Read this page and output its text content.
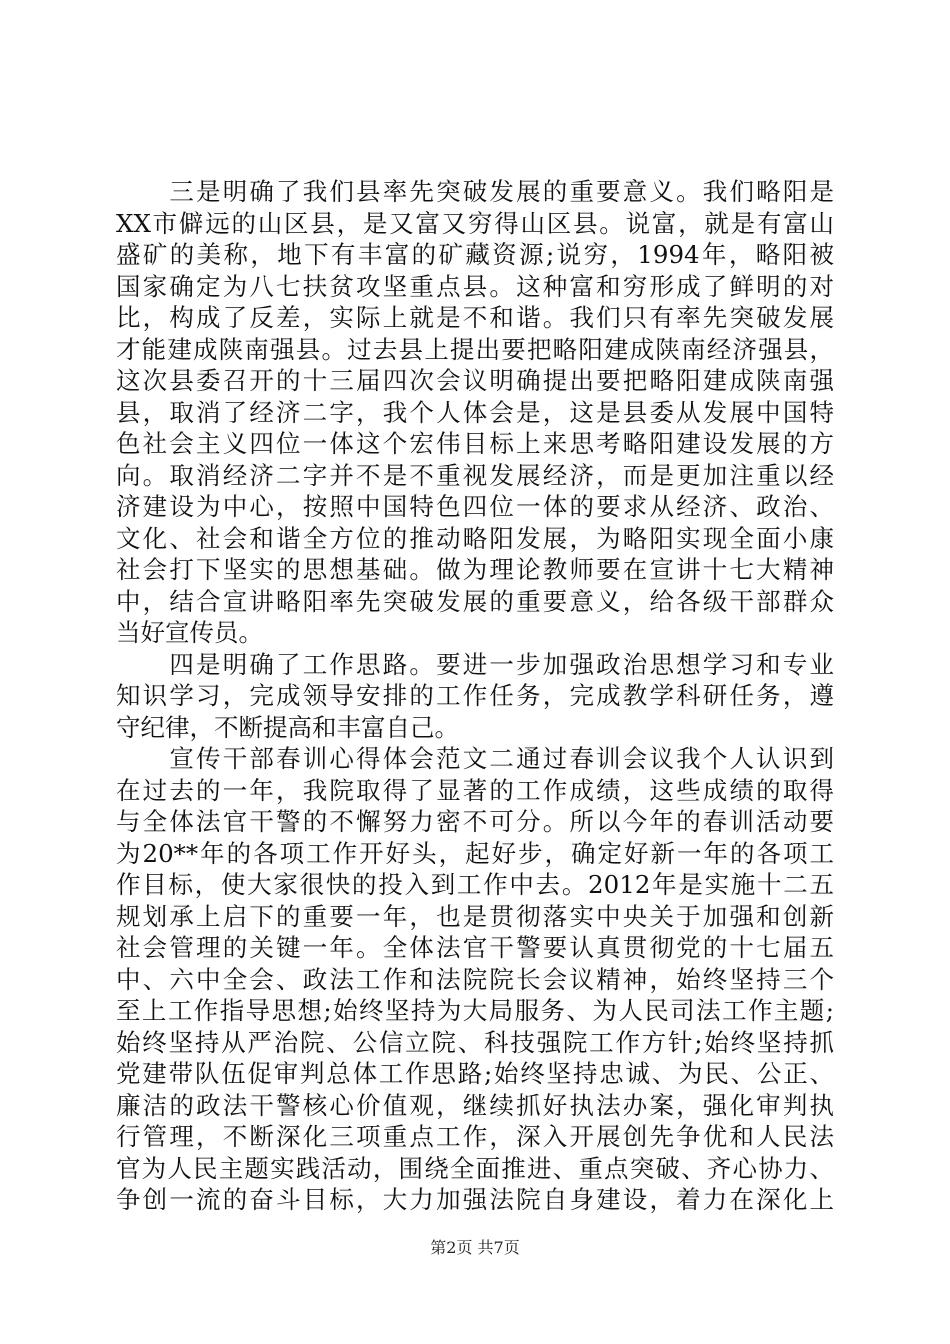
　　三是明确了我们县率先突破发展的重要意义。我们略阳是
XX市僻远的山区县，是又富又穷得山区县。说富，就是有富山
盛矿的美称，地下有丰富的矿藏资源;说穷，1994年，略阳被
国家确定为八七扶贫攻坚重点县。这种富和穷形成了鲜明的对
比，构成了反差，实际上就是不和谐。我们只有率先突破发展
才能建成陕南强县。过去县上提出要把略阳建成陕南经济强县，
这次县委召开的十三届四次会议明确提出要把略阳建成陕南强
县，取消了经济二字，我个人体会是，这是县委从发展中国特
色社会主义四位一体这个宏伟目标上来思考略阳建设发展的方
向。取消经济二字并不是不重视发展经济，而是更加注重以经
济建设为中心，按照中国特色四位一体的要求从经济、政治、
文化、社会和谐全方位的推动略阳发展，为略阳实现全面小康
社会打下坚实的思想基础。做为理论教师要在宣讲十七大精神
中，结合宣讲略阳率先突破发展的重要意义，给各级干部群众
当好宣传员。
　　四是明确了工作思路。要进一步加强政治思想学习和专业
知识学习，完成领导安排的工作任务，完成教学科研任务，遵
守纪律，不断提高和丰富自己。
　　宣传干部春训心得体会范文二通过春训会议我个人认识到
在过去的一年，我院取得了显著的工作成绩，这些成绩的取得
与全体法官干警的不懈努力密不可分。所以今年的春训活动要
为20**年的各项工作开好头，起好步，确定好新一年的各项工
作目标，使大家很快的投入到工作中去。2012年是实施十二五
规划承上启下的重要一年，也是贯彻落实中央关于加强和创新
社会管理的关键一年。全体法官干警要认真贯彻党的十七届五
中、六中全会、政法工作和法院院长会议精神，始终坚持三个
至上工作指导思想;始终坚持为大局服务、为人民司法工作主题;
始终坚持从严治院、公信立院、科技强院工作方针;始终坚持抓
党建带队伍促审判总体工作思路;始终坚持忠诚、为民、公正、
廉洁的政法干警核心价值观，继续抓好执法办案，强化审判执
行管理，不断深化三项重点工作，深入开展创先争优和人民法
官为人民主题实践活动，围绕全面推进、重点突破、齐心协力、
争创一流的奋斗目标，大力加强法院自身建设，着力在深化上
第2页 共7页
